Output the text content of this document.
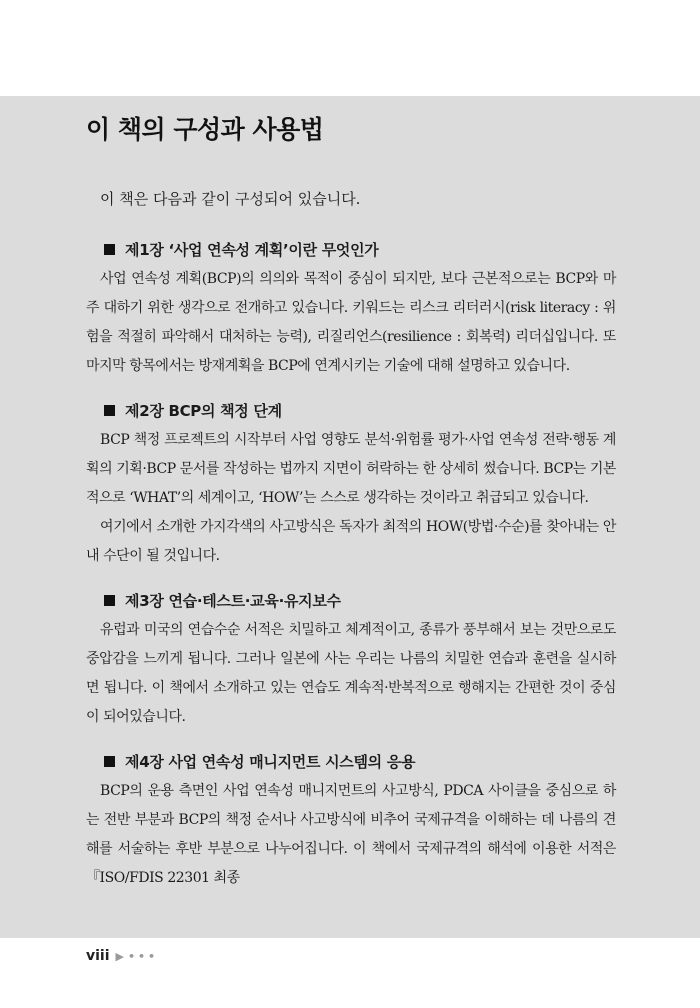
이 책의 구성과 사용법

이 책은 다음과 같이 구성되어 있습니다.

제1장 ‘사업 연속성 계획’이란 무엇인가

사업 연속성 계획(BCP)의 의의와 목적이 중심이 되지만, 보다 근본적으로는 BCP와 마주 대하기 위한 생각으로 전개하고 있습니다. 키워드는 리스크 리터러시(risk literacy : 위험을 적절히 파악해서 대처하는 능력), 리질리언스(resilience : 회복력) 리더십입니다. 또 마지막 항목에서는 방재계획을 BCP에 연계시키는 기술에 대해 설명하고 있습니다.

제2장 BCP의 책정 단계

BCP 책정 프로젝트의 시작부터 사업 영향도 분석·위험률 평가·사업 연속성 전략·행동 계획의 기획·BCP 문서를 작성하는 법까지 지면이 허락하는 한 상세히 썼습니다. BCP는 기본적으로 ‘WHAT’의 세계이고, ‘HOW’는 스스로 생각하는 것이라고 취급되고 있습니다.

여기에서 소개한 가지각색의 사고방식은 독자가 최적의 HOW(방법·수순)를 찾아내는 안내 수단이 될 것입니다.

제3장 연습·테스트·교육·유지보수

유럽과 미국의 연습수순 서적은 치밀하고 체계적이고, 종류가 풍부해서 보는 것만으로도 중압감을 느끼게 됩니다. 그러나 일본에 사는 우리는 나름의 치밀한 연습과 훈련을 실시하면 됩니다. 이 책에서 소개하고 있는 연습도 계속적·반복적으로 행해지는 간편한 것이 중심이 되어있습니다.

제4장 사업 연속성 매니지먼트 시스템의 응용

BCP의 운용 측면인 사업 연속성 매니지먼트의 사고방식, PDCA 사이클을 중심으로 하는 전반 부분과 BCP의 책정 순서나 사고방식에 비추어 국제규격을 이해하는 데 나름의 견해를 서술하는 후반 부분으로 나누어집니다. 이 책에서 국제규격의 해석에 이용한 서적은『ISO/FDIS 22301 최종

viii ▶ •••
